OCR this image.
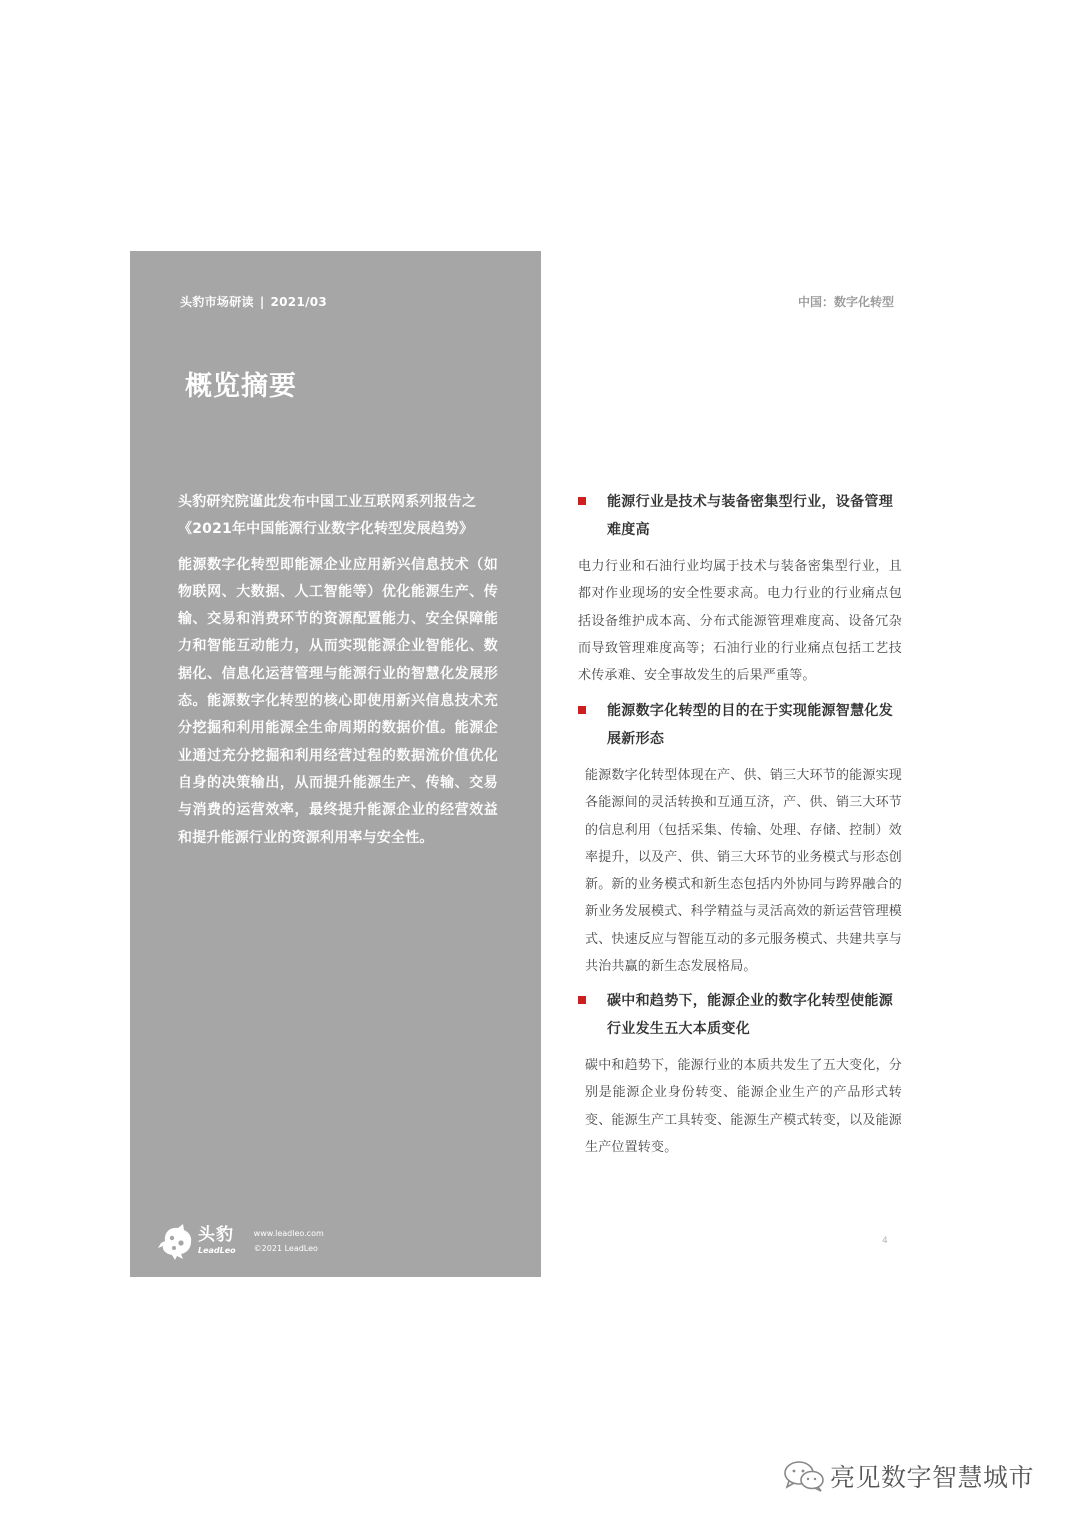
头豹市场研读 | 2021/03
概览摘要

头豹研究院谨此发布中国工业互联网系列报告之

《2021年中国能源行业数字化转型发展趋势》

能源数字化转型即能源企业应用新兴信息技术（如物联网、大数据、人工智能等）优化能源生产、传输、交易和消费环节的资源配置能力、安全保障能力和智能互动能力，从而实现能源企业智能化、数据化、信息化运营管理与能源行业的智慧化发展形态。能源数字化转型的核心即使用新兴信息技术充分挖掘和利用能源全生命周期的数据价值。能源企业通过充分挖掘和利用经营过程的数据流价值优化自身的决策输出，从而提升能源生产、传输、交易与消费的运营效率，最终提升能源企业的经营效益和提升能源行业的资源利用率与安全性。

头豹
LeadLeo
www.leadleo.com
©2021 LeadLeo
中国：数字化转型
能源行业是技术与装备密集型行业，设备管理难度高
电力行业和石油行业均属于技术与装备密集型行业，且都对作业现场的安全性要求高。电力行业的行业痛点包括设备维护成本高、分布式能源管理难度高、设备冗杂而导致管理难度高等；石油行业的行业痛点包括工艺技术传承难、安全事故发生的后果严重等。
能源数字化转型的目的在于实现能源智慧化发展新形态
能源数字化转型体现在产、供、销三大环节的能源实现各能源间的灵活转换和互通互济，产、供、销三大环节的信息利用（包括采集、传输、处理、存储、控制）效率提升，以及产、供、销三大环节的业务模式与形态创新。新的业务模式和新生态包括内外协同与跨界融合的新业务发展模式、科学精益与灵活高效的新运营管理模式、快速反应与智能互动的多元服务模式、共建共享与共治共赢的新生态发展格局。
碳中和趋势下，能源企业的数字化转型使能源行业发生五大本质变化
碳中和趋势下，能源行业的本质共发生了五大变化，分别是能源企业身份转变、能源企业生产的产品形式转变、能源生产工具转变、能源生产模式转变，以及能源生产位置转变。
4
亮见数字智慧城市
